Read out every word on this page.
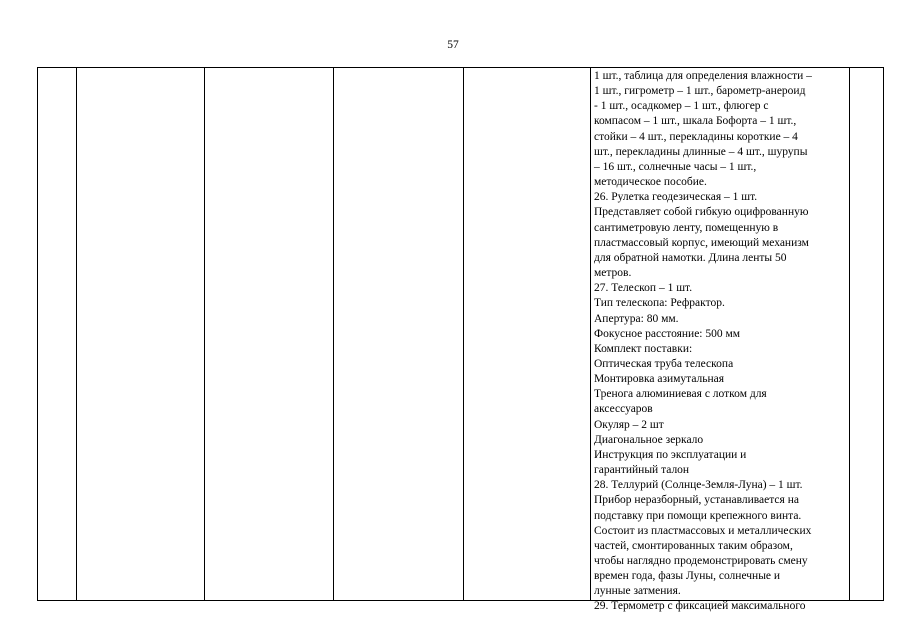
57
1 шт., таблица для определения влажности –
1 шт., гигрометр – 1 шт., барометр-анероид
- 1 шт., осадкомер – 1 шт., флюгер с
компасом – 1 шт., шкала Бофорта – 1 шт.,
стойки – 4 шт., перекладины короткие – 4
шт., перекладины длинные – 4 шт., шурупы
– 16 шт., солнечные часы – 1 шт.,
методическое пособие.
26. Рулетка геодезическая – 1 шт.
Представляет собой гибкую оцифрованную
сантиметровую ленту, помещенную в
пластмассовый корпус, имеющий механизм
для обратной намотки. Длина ленты 50
метров.
27. Телескоп – 1 шт.
Тип телескопа: Рефрактор.
Апертура: 80 мм.
Фокусное расстояние: 500 мм
Комплект поставки:
Оптическая труба телескопа
Монтировка азимутальная
Тренога алюминиевая с лотком для
аксессуаров
Окуляр – 2 шт
Диагональное зеркало
Инструкция по эксплуатации и
гарантийный талон
28. Теллурий (Солнце-Земля-Луна) – 1 шт.
Прибор неразборный, устанавливается на
подставку при помощи крепежного винта.
Состоит из пластмассовых и металлических
частей, смонтированных таким образом,
чтобы наглядно продемонстрировать смену
времен года, фазы Луны, солнечные и
лунные затмения.
29. Термометр с фиксацией максимального
